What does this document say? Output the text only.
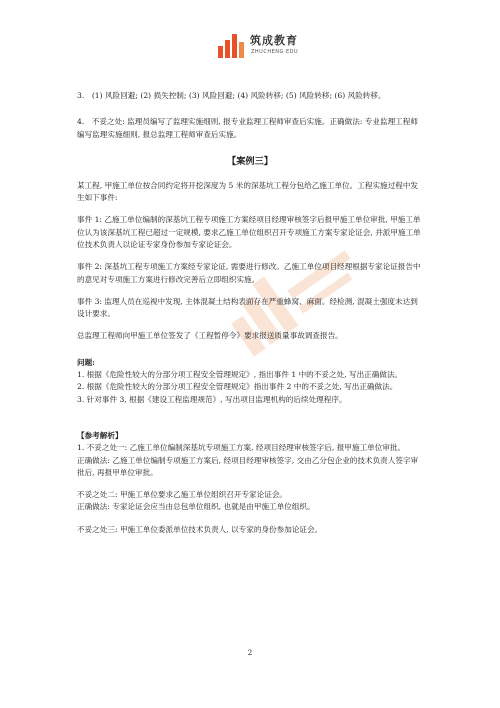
筑成教育
ZHUCHENG EDU

3.　(1) 风险回避; (2) 损失控制; (3) 风险回避; (4) 风险转移; (5) 风险转移; (6) 风险转移。

4.　不妥之处: 监理员编写了监理实施细则, 报专业监理工程师审查后实施。正确做法: 专业监理工程师编写监理实施细则, 报总监理工程师审查后实施。

【案例三】

某工程, 甲施工单位按合同约定将开挖深度为 5 米的深基坑工程分包给乙施工单位。工程实施过程中发生如下事件:

事件 1: 乙施工单位编制的深基坑工程专项施工方案经项目经理审核签字后报甲施工单位审批, 甲施工单位认为该深基坑工程已超过一定规模, 要求乙施工单位组织召开专项施工方案专家论证会, 并派甲施工单位技术负责人以论证专家身份参加专家论证会。

事件 2: 深基坑工程专项施工方案经专家论证, 需要进行修改。乙施工单位项目经理根据专家论证报告中的意见对专项施工方案进行修改完善后立即组织实施。

事件 3: 监理人员在巡视中发现, 主体混凝土结构表面存在严重蜂窝、麻面。经检测, 混凝土强度未达到设计要求。

总监理工程师向甲施工单位签发了《工程暂停令》要求报送质量事故调查报告。

问题:

1. 根据《危险性较大的分部分项工程安全管理规定》, 指出事件 1 中的不妥之处, 写出正确做法。

2. 根据《危险性较大的分部分项工程安全管理规定》指出事件 2 中的不妥之处, 写出正确做法。

3. 针对事件 3, 根据《建设工程监理规范》, 写出项目监理机构的后续处理程序。

【参考解析】

1. 不妥之处一: 乙施工单位编制深基坑专项施工方案, 经项目经理审核签字后, 报甲施工单位审批。

正确做法: 乙施工单位编制专项施工方案后, 经项目经理审核签字, 交由乙分包企业的技术负责人签字审批后, 再报甲单位审批。

不妥之处二: 甲施工单位要求乙施工单位组织召开专家论证会。

正确做法: 专家论证会应当由总包单位组织, 也就是由甲施工单位组织。

不妥之处三: 甲施工单位委派单位技术负责人, 以专家的身份参加论证会。

2
